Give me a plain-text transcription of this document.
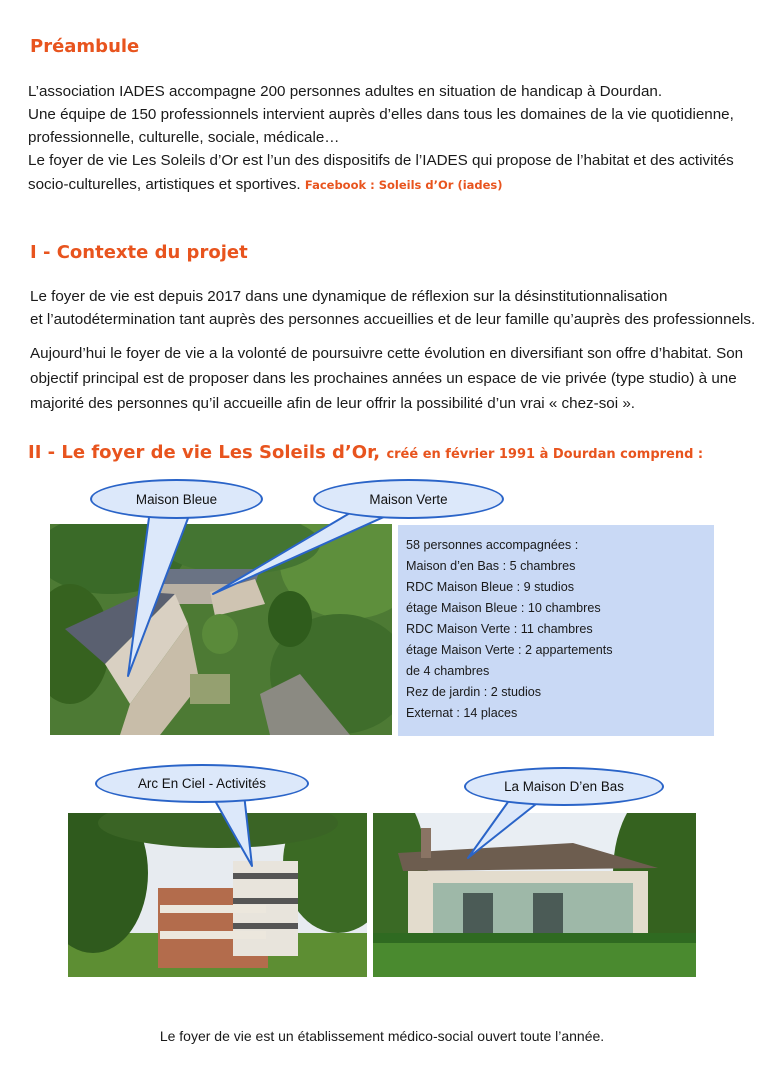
Préambule

L’association IADES accompagne 200 personnes adultes en situation de handicap à Dourdan.

Une équipe de 150 professionnels intervient auprès d’elles dans tous les domaines de la vie quotidienne,

professionnelle, culturelle, sociale, médicale…

Le foyer de vie Les Soleils d’Or est l’un des dispositifs de l’IADES qui propose de l’habitat et des activités

socio-culturelles, artistiques et sportives. Facebook : Soleils d’Or (iades)

I - Contexte du projet

Le foyer de vie est depuis 2017 dans une dynamique de réflexion sur la désinstitutionnalisation

et l’autodétermination tant auprès des personnes accueillies et de leur famille qu’auprès des professionnels.

Aujourd’hui le foyer de vie a la volonté de poursuivre cette évolution en diversifiant son offre d’habitat. Son

objectif principal est de proposer dans les prochaines années un espace de vie privée (type studio) à une

majorité des personnes qu’il accueille afin de leur offrir la possibilité d’un vrai « chez-soi ».

II - Le foyer de vie Les Soleils d’Or, créé en février 1991 à Dourdan comprend :
58 personnes accompagnées :
Maison d’en Bas : 5 chambres
RDC Maison Bleue : 9 studios
étage Maison Bleue : 10 chambres
RDC Maison Verte : 11 chambres
étage Maison Verte : 2 appartements
de 4 chambres
Rez de jardin : 2 studios
Externat : 14 places
Maison Bleue	Maison Verte
Arc En Ciel - Activités	La Maison D’en Bas
Le foyer de vie est un établissement médico-social ouvert toute l’année.
